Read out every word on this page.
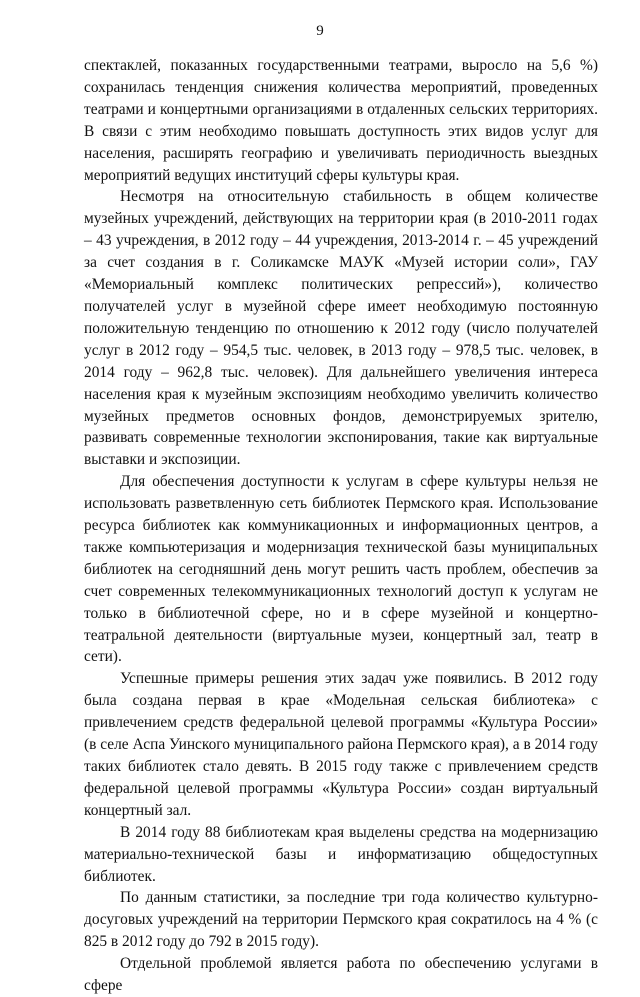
9

спектаклей, показанных государственными театрами, выросло на 5,6 %) сохранилась тенденция снижения количества мероприятий, проведенных театрами и концертными организациями в отдаленных сельских территориях. В связи с этим необходимо повышать доступность этих видов услуг для населения, расширять географию и увеличивать периодичность выездных мероприятий ведущих институций сферы культуры края.

Несмотря на относительную стабильность в общем количестве музейных учреждений, действующих на территории края (в 2010-2011 годах – 43 учреждения, в 2012 году – 44 учреждения, 2013-2014 г. – 45 учреждений за счет создания в г. Соликамске МАУК «Музей истории соли», ГАУ «Мемориальный комплекс политических репрессий»), количество получателей услуг в музейной сфере имеет необходимую постоянную положительную тенденцию по отношению к 2012 году (число получателей услуг в 2012 году – 954,5 тыс. человек, в 2013 году – 978,5 тыс. человек, в 2014 году – 962,8 тыс. человек). Для дальнейшего увеличения интереса населения края к музейным экспозициям необходимо увеличить количество музейных предметов основных фондов, демонстрируемых зрителю, развивать современные технологии экспонирования, такие как виртуальные выставки и экспозиции.

Для обеспечения доступности к услугам в сфере культуры нельзя не использовать разветвленную сеть библиотек Пермского края. Использование ресурса библиотек как коммуникационных и информационных центров, а также компьютеризация и модернизация технической базы муниципальных библиотек на сегодняшний день могут решить часть проблем, обеспечив за счет современных телекоммуникационных технологий доступ к услугам не только в библиотечной сфере, но и в сфере музейной и концертно-театральной деятельности (виртуальные музеи, концертный зал, театр в сети).

Успешные примеры решения этих задач уже появились. В 2012 году была создана первая в крае «Модельная сельская библиотека» с привлечением средств федеральной целевой программы «Культура России» (в селе Аспа Уинского муниципального района Пермского края), а в 2014 году таких библиотек стало девять. В 2015 году также с привлечением средств федеральной целевой программы «Культура России» создан виртуальный концертный зал.

В 2014 году 88 библиотекам края выделены средства на модернизацию материально-технической базы и информатизацию общедоступных библиотек.

По данным статистики, за последние три года количество культурно-досуговых учреждений на территории Пермского края сократилось на 4 % (с 825 в 2012 году до 792 в 2015 году).

Отдельной проблемой является работа по обеспечению услугами в сфере
